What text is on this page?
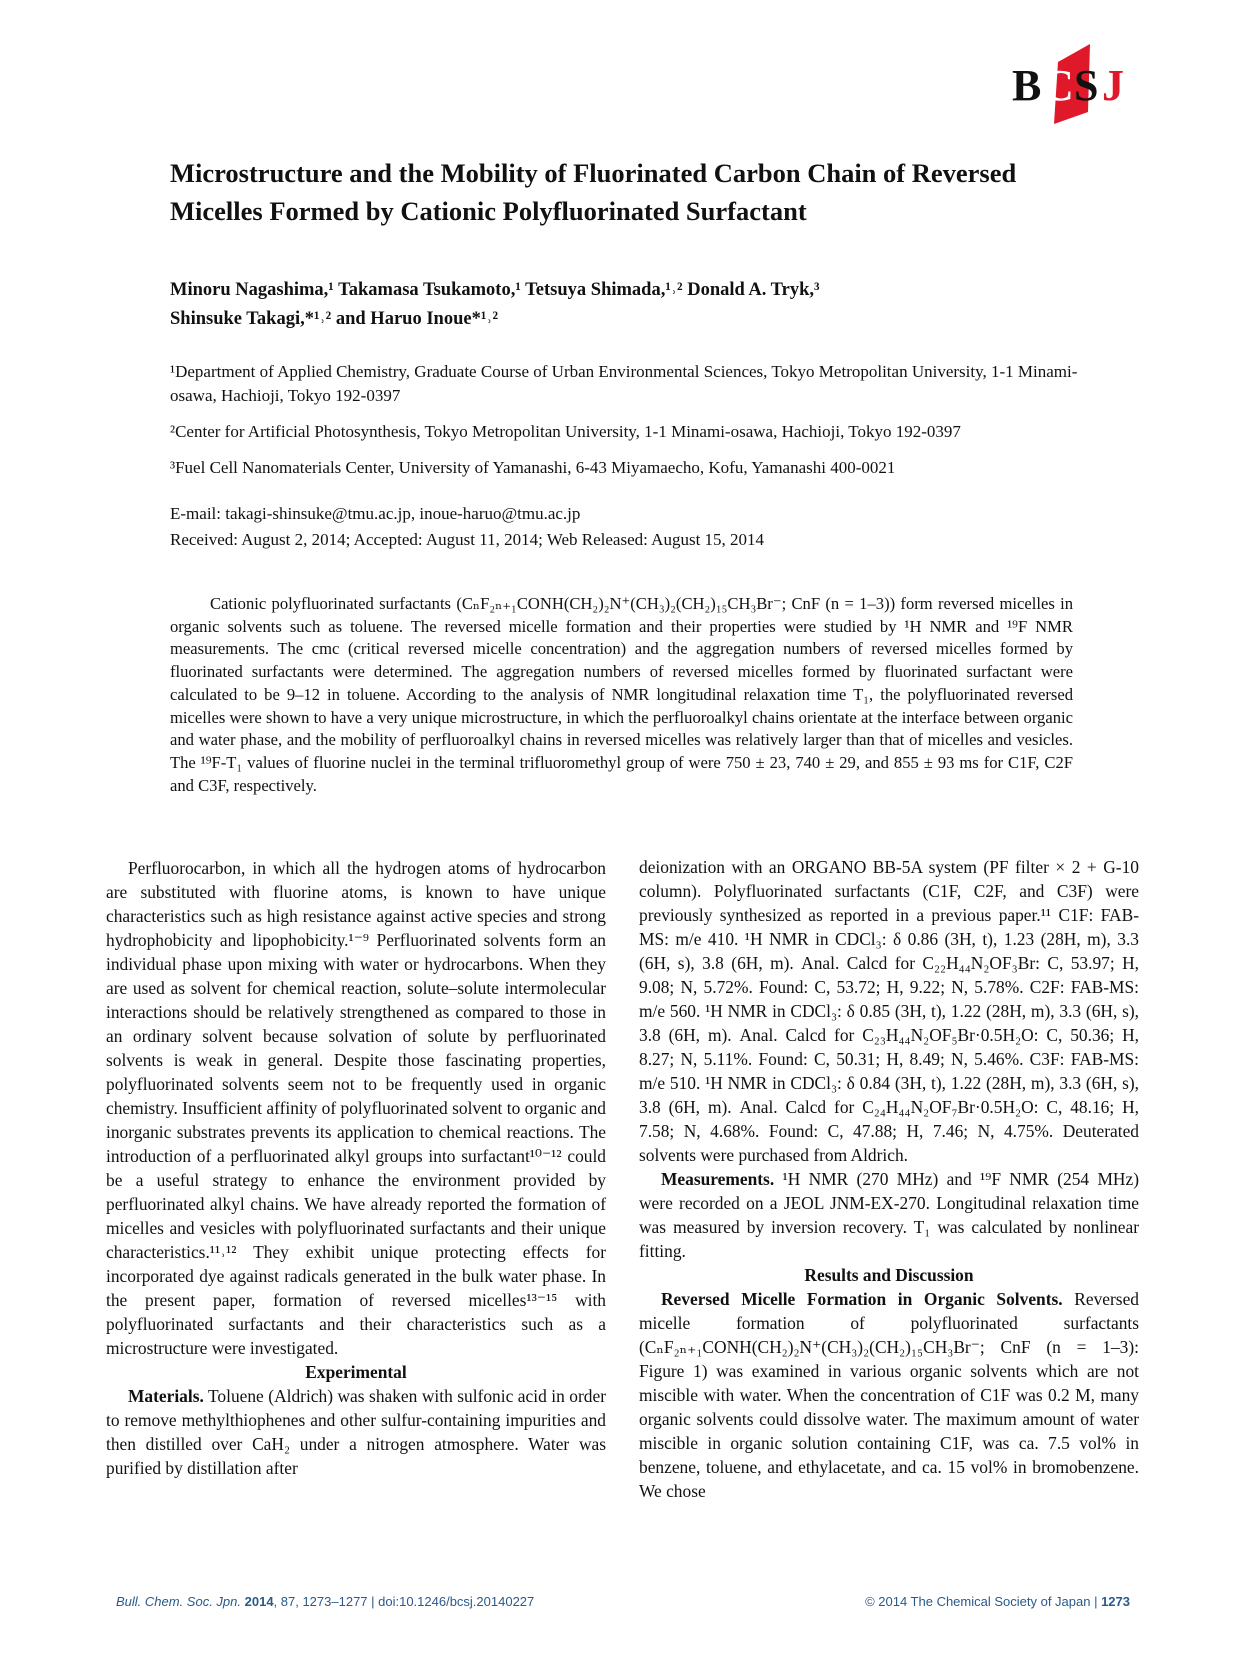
B C S J
Microstructure and the Mobility of Fluorinated Carbon Chain of Reversed Micelles Formed by Cationic Polyfluorinated Surfactant
Minoru Nagashima,¹ Takamasa Tsukamoto,¹ Tetsuya Shimada,¹˒² Donald A. Tryk,³
Shinsuke Takagi,*¹˒² and Haruo Inoue*¹˒²
¹Department of Applied Chemistry, Graduate Course of Urban Environmental Sciences, Tokyo Metropolitan University, 1-1 Minami-osawa, Hachioji, Tokyo 192-0397
²Center for Artificial Photosynthesis, Tokyo Metropolitan University, 1-1 Minami-osawa, Hachioji, Tokyo 192-0397
³Fuel Cell Nanomaterials Center, University of Yamanashi, 6-43 Miyamaecho, Kofu, Yamanashi 400-0021
E-mail: takagi-shinsuke@tmu.ac.jp, inoue-haruo@tmu.ac.jp
Received: August 2, 2014; Accepted: August 11, 2014; Web Released: August 15, 2014
Cationic polyfluorinated surfactants (CₙF₂ₙ₊₁CONH(CH₂)₂N⁺(CH₃)₂(CH₂)₁₅CH₃Br⁻; CnF (n = 1–3)) form reversed micelles in organic solvents such as toluene. The reversed micelle formation and their properties were studied by ¹H NMR and ¹⁹F NMR measurements. The cmc (critical reversed micelle concentration) and the aggregation numbers of reversed micelles formed by fluorinated surfactants were determined. The aggregation numbers of reversed micelles formed by fluorinated surfactant were calculated to be 9–12 in toluene. According to the analysis of NMR longitudinal relaxation time T₁, the polyfluorinated reversed micelles were shown to have a very unique microstructure, in which the perfluoroalkyl chains orientate at the interface between organic and water phase, and the mobility of perfluoroalkyl chains in reversed micelles was relatively larger than that of micelles and vesicles. The ¹⁹F-T₁ values of fluorine nuclei in the terminal trifluoromethyl group of were 750 ± 23, 740 ± 29, and 855 ± 93 ms for C1F, C2F and C3F, respectively.

Perfluorocarbon, in which all the hydrogen atoms of hydrocarbon are substituted with fluorine atoms, is known to have unique characteristics such as high resistance against active species and strong hydrophobicity and lipophobicity.¹⁻⁹ Perfluorinated solvents form an individual phase upon mixing with water or hydrocarbons. When they are used as solvent for chemical reaction, solute–solute intermolecular interactions should be relatively strengthened as compared to those in an ordinary solvent because solvation of solute by perfluorinated solvents is weak in general. Despite those fascinating properties, polyfluorinated solvents seem not to be frequently used in organic chemistry. Insufficient affinity of polyfluorinated solvent to organic and inorganic substrates prevents its application to chemical reactions. The introduction of a perfluorinated alkyl groups into surfactant¹⁰⁻¹² could be a useful strategy to enhance the environment provided by perfluorinated alkyl chains. We have already reported the formation of micelles and vesicles with polyfluorinated surfactants and their unique characteristics.¹¹˒¹² They exhibit unique protecting effects for incorporated dye against radicals generated in the bulk water phase. In the present paper, formation of reversed micelles¹³⁻¹⁵ with polyfluorinated surfactants and their characteristics such as a microstructure were investigated.

Experimental

Materials. Toluene (Aldrich) was shaken with sulfonic acid in order to remove methylthiophenes and other sulfur-containing impurities and then distilled over CaH₂ under a nitrogen atmosphere. Water was purified by distillation after

deionization with an ORGANO BB-5A system (PF filter × 2 + G-10 column). Polyfluorinated surfactants (C1F, C2F, and C3F) were previously synthesized as reported in a previous paper.¹¹ C1F: FAB-MS: m/e 410. ¹H NMR in CDCl₃: δ 0.86 (3H, t), 1.23 (28H, m), 3.3 (6H, s), 3.8 (6H, m). Anal. Calcd for C₂₂H₄₄N₂OF₃Br: C, 53.97; H, 9.08; N, 5.72%. Found: C, 53.72; H, 9.22; N, 5.78%. C2F: FAB-MS: m/e 560. ¹H NMR in CDCl₃: δ 0.85 (3H, t), 1.22 (28H, m), 3.3 (6H, s), 3.8 (6H, m). Anal. Calcd for C₂₃H₄₄N₂OF₅Br·0.5H₂O: C, 50.36; H, 8.27; N, 5.11%. Found: C, 50.31; H, 8.49; N, 5.46%. C3F: FAB-MS: m/e 510. ¹H NMR in CDCl₃: δ 0.84 (3H, t), 1.22 (28H, m), 3.3 (6H, s), 3.8 (6H, m). Anal. Calcd for C₂₄H₄₄N₂OF₇Br·0.5H₂O: C, 48.16; H, 7.58; N, 4.68%. Found: C, 47.88; H, 7.46; N, 4.75%. Deuterated solvents were purchased from Aldrich.

Measurements. ¹H NMR (270 MHz) and ¹⁹F NMR (254 MHz) were recorded on a JEOL JNM-EX-270. Longitudinal relaxation time was measured by inversion recovery. T₁ was calculated by nonlinear fitting.

Results and Discussion

Reversed Micelle Formation in Organic Solvents. Reversed micelle formation of polyfluorinated surfactants (CₙF₂ₙ₊₁CONH(CH₂)₂N⁺(CH₃)₂(CH₂)₁₅CH₃Br⁻; CnF (n = 1–3): Figure 1) was examined in various organic solvents which are not miscible with water. When the concentration of C1F was 0.2 M, many organic solvents could dissolve water. The maximum amount of water miscible in organic solution containing C1F, was ca. 7.5 vol% in benzene, toluene, and ethylacetate, and ca. 15 vol% in bromobenzene. We chose

Bull. Chem. Soc. Jpn. 2014, 87, 1273–1277 | doi:10.1246/bcsj.20140227	© 2014 The Chemical Society of Japan | 1273
